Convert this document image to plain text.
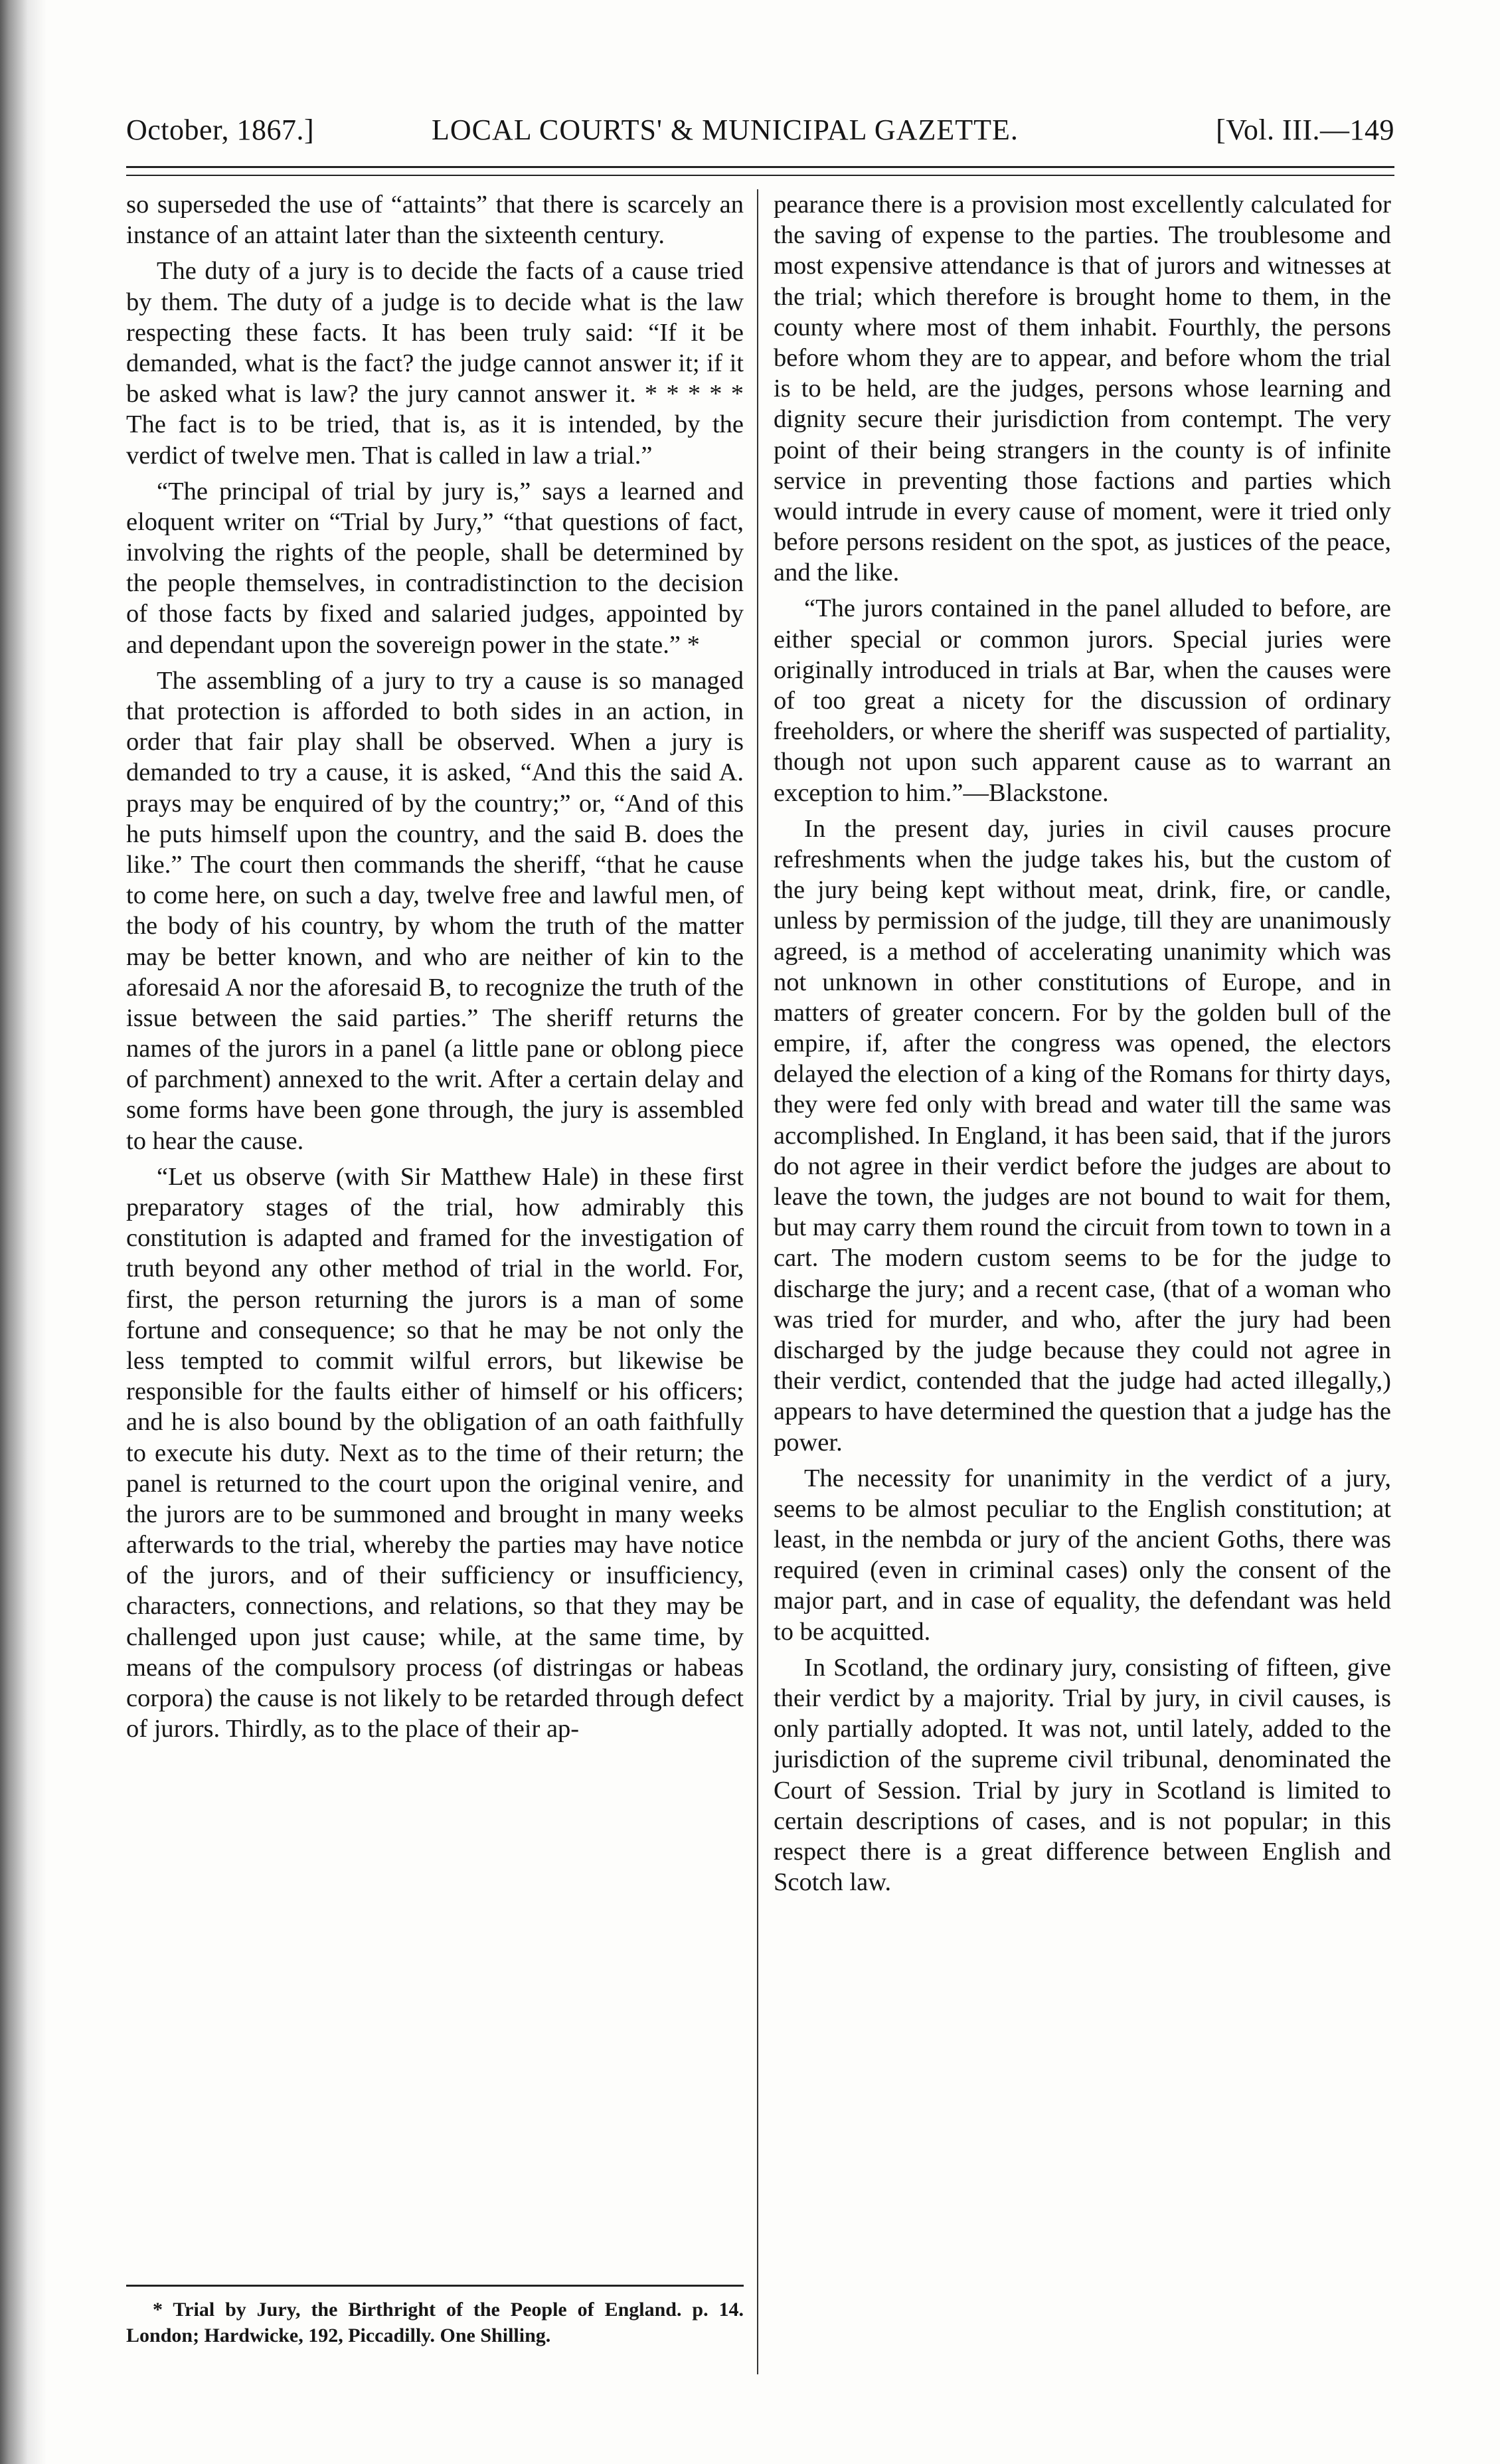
October, 1867.]	LOCAL COURTS' & MUNICIPAL GAZETTE.	[Vol. III.—149

so superseded the use of “attaints” that there is scarcely an instance of an attaint later than the sixteenth century.

The duty of a jury is to decide the facts of a cause tried by them. The duty of a judge is to decide what is the law respecting these facts. It has been truly said: “If it be demanded, what is the fact? the judge cannot answer it; if it be asked what is law? the jury cannot answer it. * * * * * The fact is to be tried, that is, as it is intended, by the verdict of twelve men. That is called in law a trial.”

“The principal of trial by jury is,” says a learned and eloquent writer on “Trial by Jury,” “that questions of fact, involving the rights of the people, shall be determined by the people themselves, in contradistinction to the decision of those facts by fixed and salaried judges, appointed by and dependant upon the sovereign power in the state.” *

The assembling of a jury to try a cause is so managed that protection is afforded to both sides in an action, in order that fair play shall be observed. When a jury is demanded to try a cause, it is asked, “And this the said A. prays may be enquired of by the country;” or, “And of this he puts himself upon the country, and the said B. does the like.” The court then commands the sheriff, “that he cause to come here, on such a day, twelve free and lawful men, of the body of his country, by whom the truth of the matter may be better known, and who are neither of kin to the aforesaid A nor the aforesaid B, to recognize the truth of the issue between the said parties.” The sheriff returns the names of the jurors in a panel (a little pane or oblong piece of parchment) annexed to the writ. After a certain delay and some forms have been gone through, the jury is assembled to hear the cause.

“Let us observe (with Sir Matthew Hale) in these first preparatory stages of the trial, how admirably this constitution is adapted and framed for the investigation of truth beyond any other method of trial in the world. For, first, the person returning the jurors is a man of some fortune and consequence; so that he may be not only the less tempted to commit wilful errors, but likewise be responsible for the faults either of himself or his officers; and he is also bound by the obligation of an oath faithfully to execute his duty. Next as to the time of their return; the panel is returned to the court upon the original venire, and the jurors are to be summoned and brought in many weeks afterwards to the trial, whereby the parties may have notice of the jurors, and of their sufficiency or insufficiency, characters, connections, and relations, so that they may be challenged upon just cause; while, at the same time, by means of the compulsory process (of distringas or habeas corpora) the cause is not likely to be retarded through defect of jurors. Thirdly, as to the place of their ap-

pearance there is a provision most excellently calculated for the saving of expense to the parties. The troublesome and most expensive attendance is that of jurors and witnesses at the trial; which therefore is brought home to them, in the county where most of them inhabit. Fourthly, the persons before whom they are to appear, and before whom the trial is to be held, are the judges, persons whose learning and dignity secure their jurisdiction from contempt. The very point of their being strangers in the county is of infinite service in preventing those factions and parties which would intrude in every cause of moment, were it tried only before persons resident on the spot, as justices of the peace, and the like.

“The jurors contained in the panel alluded to before, are either special or common jurors. Special juries were originally introduced in trials at Bar, when the causes were of too great a nicety for the discussion of ordinary freeholders, or where the sheriff was suspected of partiality, though not upon such apparent cause as to warrant an exception to him.”—Blackstone.

In the present day, juries in civil causes procure refreshments when the judge takes his, but the custom of the jury being kept without meat, drink, fire, or candle, unless by permission of the judge, till they are unanimously agreed, is a method of accelerating unanimity which was not unknown in other constitutions of Europe, and in matters of greater concern. For by the golden bull of the empire, if, after the congress was opened, the electors delayed the election of a king of the Romans for thirty days, they were fed only with bread and water till the same was accomplished. In England, it has been said, that if the jurors do not agree in their verdict before the judges are about to leave the town, the judges are not bound to wait for them, but may carry them round the circuit from town to town in a cart. The modern custom seems to be for the judge to discharge the jury; and a recent case, (that of a woman who was tried for murder, and who, after the jury had been discharged by the judge because they could not agree in their verdict, contended that the judge had acted illegally,) appears to have determined the question that a judge has the power.

The necessity for unanimity in the verdict of a jury, seems to be almost peculiar to the English constitution; at least, in the nembda or jury of the ancient Goths, there was required (even in criminal cases) only the consent of the major part, and in case of equality, the defendant was held to be acquitted.

In Scotland, the ordinary jury, consisting of fifteen, give their verdict by a majority. Trial by jury, in civil causes, is only partially adopted. It was not, until lately, added to the jurisdiction of the supreme civil tribunal, denominated the Court of Session. Trial by jury in Scotland is limited to certain descriptions of cases, and is not popular; in this respect there is a great difference between English and Scotch law.

* Trial by Jury, the Birthright of the People of England. p. 14. London; Hardwicke, 192, Piccadilly. One Shilling.
